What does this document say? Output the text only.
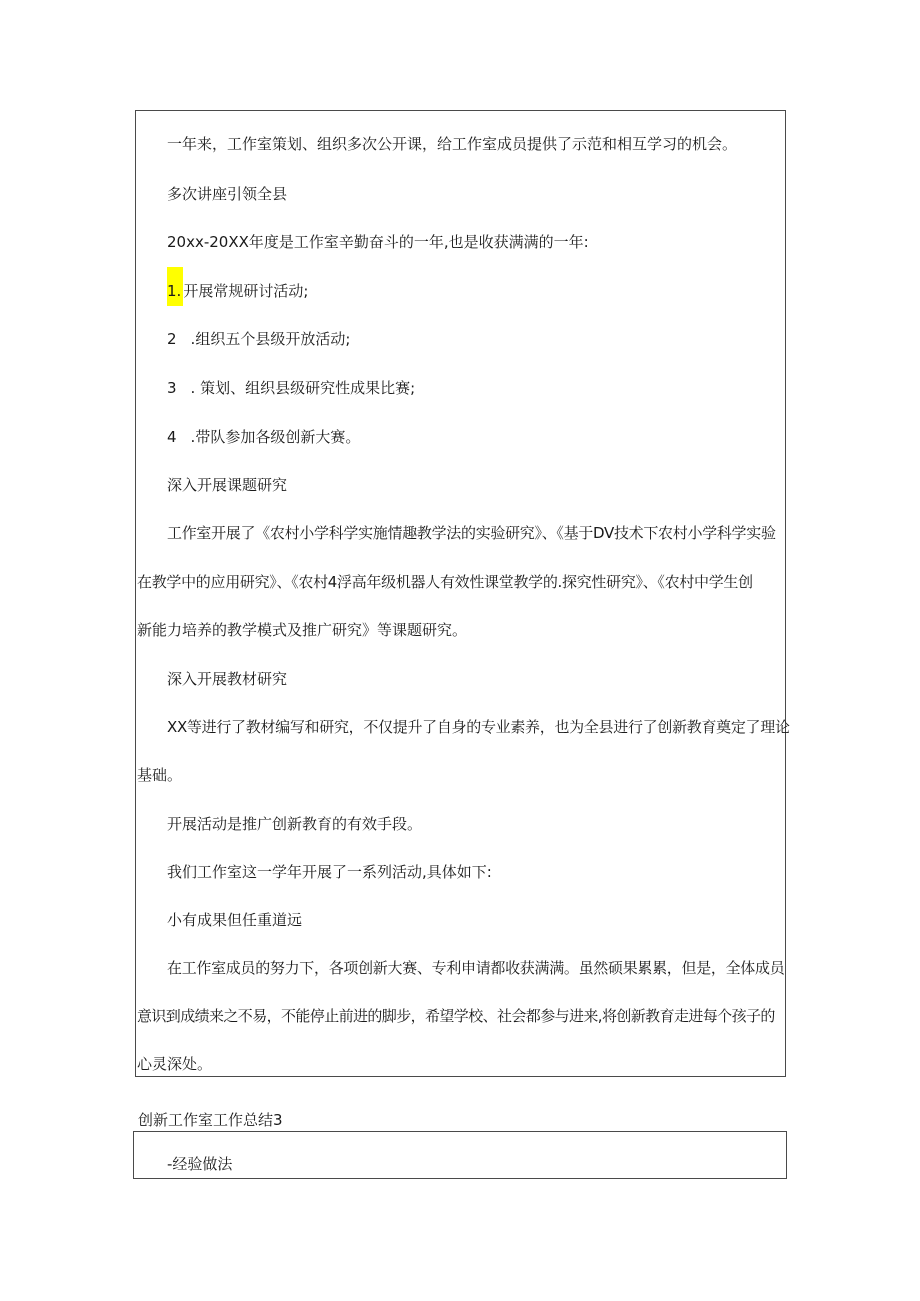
一年来，工作室策划、组织多次公开课，给工作室成员提供了示范和相互学习的机会。
多次讲座引领全县
20xx-20XX年度是工作室辛勤奋斗的一年,也是收获满满的一年:
1. 开展常规研讨活动;
2 .组织五个县级开放活动;
3 . 策划、组织县级研究性成果比赛;
4 .带队参加各级创新大赛。
深入开展课题研究
工作室开展了《农村小学科学实施情趣教学法的实验研究》、《基于DV技术下农村小学科学实验
在教学中的应用研究》、《农村4浮高年级机器人有效性课堂教学的.探究性研究》、《农村中学生创
新能力培养的教学模式及推广研究》等课题研究。
深入开展教材研究
XX等进行了教材编写和研究，不仅提升了自身的专业素养，也为全县进行了创新教育奠定了理论
基础。
开展活动是推广创新教育的有效手段。
我们工作室这一学年开展了一系列活动,具体如下:
小有成果但任重道远
在工作室成员的努力下，各项创新大赛、专利申请都收获满满。虽然硕果累累，但是，全体成员
意识到成绩来之不易，不能停止前进的脚步，希望学校、社会都参与进来,将创新教育走进每个孩子的
心灵深处。
创新工作室工作总结3
-经验做法
